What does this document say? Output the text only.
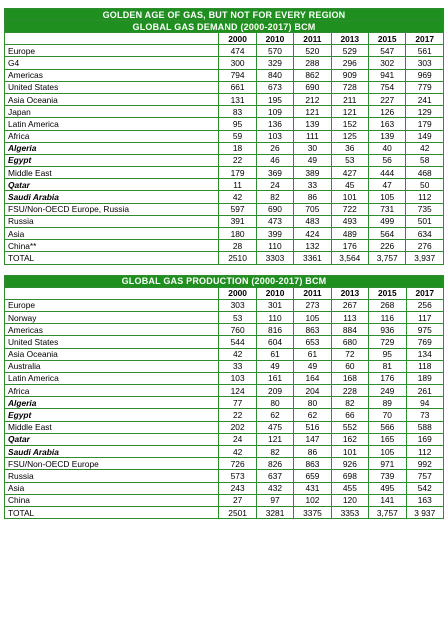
GOLDEN AGE OF GAS, BUT NOT FOR EVERY REGION						
GLOBAL GAS DEMAND (2000-2017) BCM						
	2000	2010	2011	2013	2015	2017
Europe	474	570	520	529	547	561
G4	300	329	288	296	302	303
Americas	794	840	862	909	941	969
United States	661	673	690	728	754	779
Asia Oceania	131	195	212	211	227	241
Japan	83	109	121	121	126	129
Latin America	95	136	139	152	163	179
Africa	59	103	111	125	139	149
Algeria	18	26	30	36	40	42
Egypt	22	46	49	53	56	58
Middle East	179	369	389	427	444	468
Qatar	11	24	33	45	47	50
Saudi Arabia	42	82	86	101	105	112
FSU/Non-OECD Europe, Russia	597	690	705	722	731	735
Russia	391	473	483	493	499	501
Asia	180	399	424	489	564	634
China**	28	110	132	176	226	276
TOTAL	2510	3303	3361	3,564	3,757	3,937
GLOBAL GAS PRODUCTION (2000-2017) BCM						
	2000	2010	2011	2013	2015	2017
Europe	303	301	273	267	268	256
Norway	53	110	105	113	116	117
Americas	760	816	863	884	936	975
United States	544	604	653	680	729	769
Asia Oceania	42	61	61	72	95	134
Australia	33	49	49	60	81	118
Latin America	103	161	164	168	176	189
Africa	124	209	204	228	249	261
Algeria	77	80	80	82	89	94
Egypt	22	62	62	66	70	73
Middle East	202	475	516	552	566	588
Qatar	24	121	147	162	165	169
Saudi Arabia	42	82	86	101	105	112
FSU/Non-OECD Europe	726	826	863	926	971	992
Russia	573	637	659	698	739	757
Asia	243	432	431	455	495	542
China	27	97	102	120	141	163
TOTAL	2501	3281	3375	3353	3,757	3 937
